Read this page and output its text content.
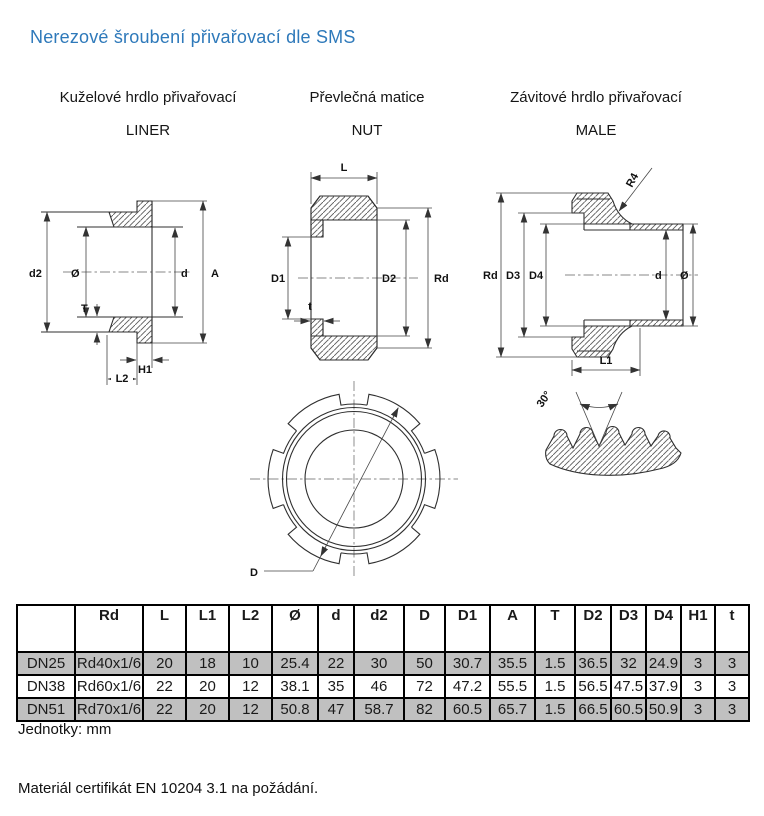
Nerezové šroubení přivařovací dle SMS
Kuželové hrdlo přivařovací	Převlečná matice	Závitové hrdlo přivařovací
LINER	NUT	MALE
d2	Ø
T
d A
H1
L2
L
D1
t
D2	Rd	Rd D3 D4	d Ø
R4
L1
D
30°
	Rd	L	L1	L2	Ø	d	d2	D	D1	A	T	D2	D3	D4	H1	t
DN25	Rd40x1/6	20	18	10	25.4	22	30	50	30.7	35.5	1.5	36.5	32	24.9	3	3
DN38	Rd60x1/6	22	20	12	38.1	35	46	72	47.2	55.5	1.5	56.5	47.5	37.9	3	3
DN51	Rd70x1/6	22	20	12	50.8	47	58.7	82	60.5	65.7	1.5	66.5	60.5	50.9	3	3
Jednotky: mm
Materiál certifikát EN 10204 3.1 na požádání.
